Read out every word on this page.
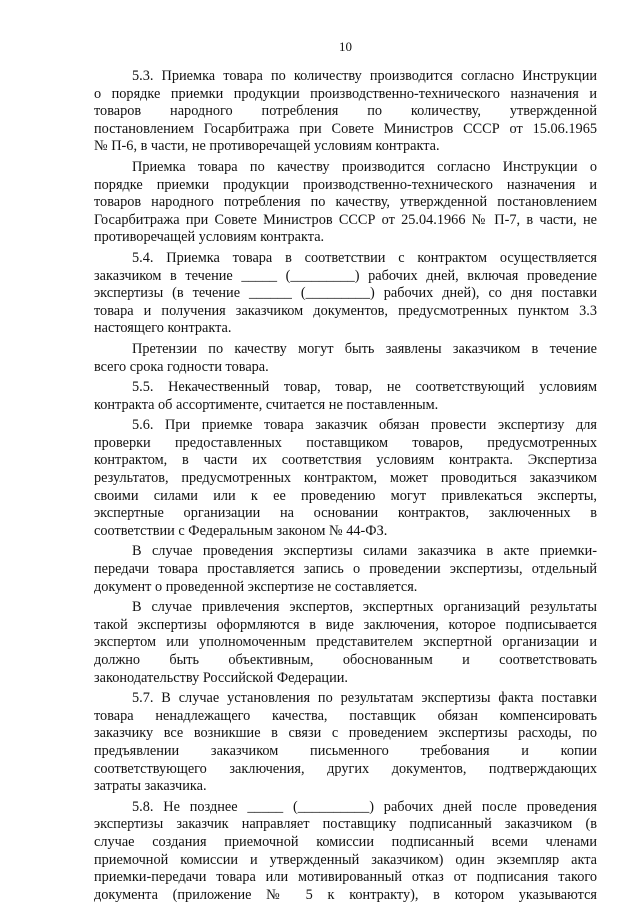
10

5.3. Приемка товара по количеству производится согласно Инструкции
о порядке приемки продукции производственно-технического назначения и
товаров народного потребления по количеству, утвержденной
постановлением Госарбитража при Совете Министров СССР от 15.06.1965
№ П-6, в части, не противоречащей условиям контракта.

Приемка товара по качеству производится согласно Инструкции о
порядке приемки продукции производственно-технического назначения и
товаров народного потребления по качеству, утвержденной постановлением
Госарбитража при Совете Министров СССР от 25.04.1966 № П-7, в части, не
противоречащей условиям контракта.

5.4. Приемка товара в соответствии с контрактом осуществляется
заказчиком в течение _____ (_________) рабочих дней, включая проведение
экспертизы (в течение ______ (_________) рабочих дней), со дня поставки
товара и получения заказчиком документов, предусмотренных пунктом 3.3
настоящего контракта.

Претензии по качеству могут быть заявлены заказчиком в течение
всего срока годности товара.

5.5. Некачественный товар, товар, не соответствующий условиям
контракта об ассортименте, считается не поставленным.

5.6. При приемке товара заказчик обязан провести экспертизу для
проверки предоставленных поставщиком товаров, предусмотренных
контрактом, в части их соответствия условиям контракта. Экспертиза
результатов, предусмотренных контрактом, может проводиться заказчиком
своими силами или к ее проведению могут привлекаться эксперты,
экспертные организации на основании контрактов, заключенных в
соответствии с Федеральным законом № 44-ФЗ.

В случае проведения экспертизы силами заказчика в акте приемки-
передачи товара проставляется запись о проведении экспертизы, отдельный
документ о проведенной экспертизе не составляется.

В случае привлечения экспертов, экспертных организаций результаты
такой экспертизы оформляются в виде заключения, которое подписывается
экспертом или уполномоченным представителем экспертной организации и
должно быть объективным, обоснованным и соответствовать
законодательству Российской Федерации.

5.7. В случае установления по результатам экспертизы факта поставки
товара ненадлежащего качества, поставщик обязан компенсировать
заказчику все возникшие в связи с проведением экспертизы расходы, по
предъявлении заказчиком письменного требования и копии
соответствующего заключения, других документов, подтверждающих
затраты заказчика.

5.8. Не позднее _____ (__________) рабочих дней после проведения
экспертизы заказчик направляет поставщику подписанный заказчиком (в
случае создания приемочной комиссии подписанный всеми членами
приемочной комиссии и утвержденный заказчиком) один экземпляр акта
приемки-передачи товара или мотивированный отказ от подписания такого
документа (приложение № 5 к контракту), в котором указываются
